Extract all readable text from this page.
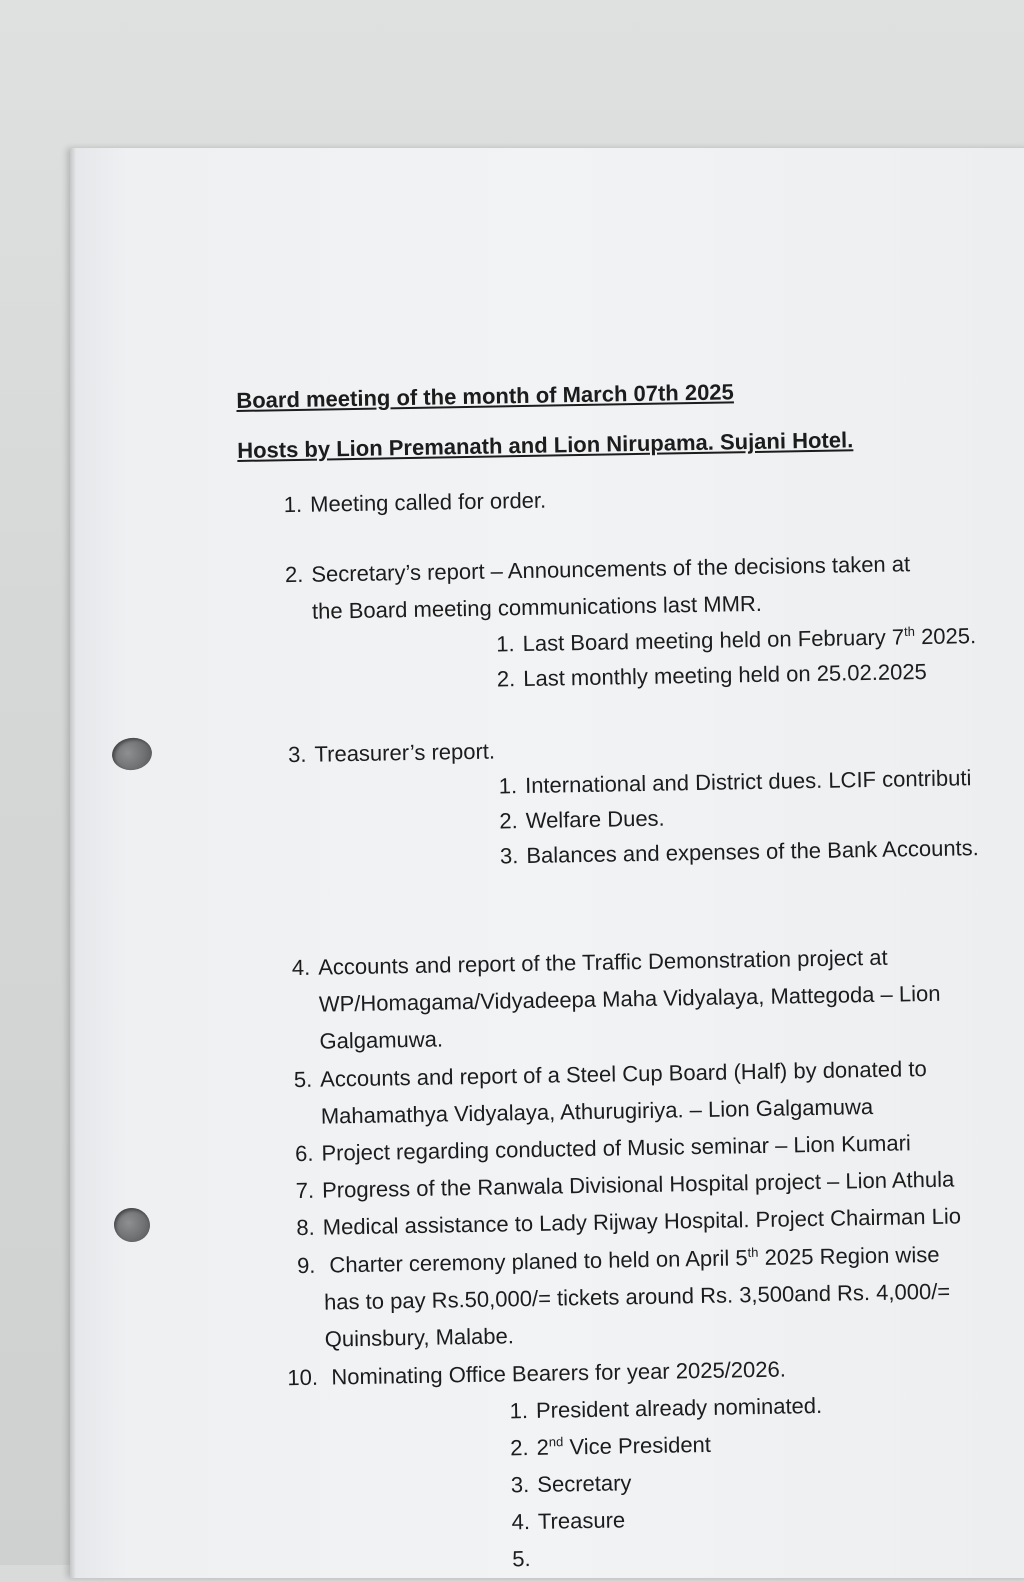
Board meeting of the month of March 07th 2025
Hosts by Lion Premanath and Lion Nirupama. Sujani Hotel.
1. Meeting called for order.
2. Secretary’s report – Announcements of the decisions taken at
the Board meeting communications last MMR.
1. Last Board meeting held on February 7th 2025.
2. Last monthly meeting held on 25.02.2025
3. Treasurer’s report.
1. International and District dues. LCIF contributi
2. Welfare Dues.
3. Balances and expenses of the Bank Accounts.
4. Accounts and report of the Traffic Demonstration project at
WP/Homagama/Vidyadeepa Maha Vidyalaya, Mattegoda – Lion
Galgamuwa.
5. Accounts and report of a Steel Cup Board (Half) by donated to
Mahamathya Vidyalaya, Athurugiriya. – Lion Galgamuwa
6. Project regarding conducted of Music seminar – Lion Kumari
7. Progress of the Ranwala Divisional Hospital project – Lion Athula
8. Medical assistance to Lady Rijway Hospital. Project Chairman Lio
9. Charter ceremony planed to held on April 5th 2025 Region wise
has to pay Rs.50,000/= tickets around Rs. 3,500and Rs. 4,000/=
Quinsbury, Malabe.
10. Nominating Office Bearers for year 2025/2026.
1. President already nominated.
2. 2nd Vice President
3. Secretary
4. Treasure
5.
